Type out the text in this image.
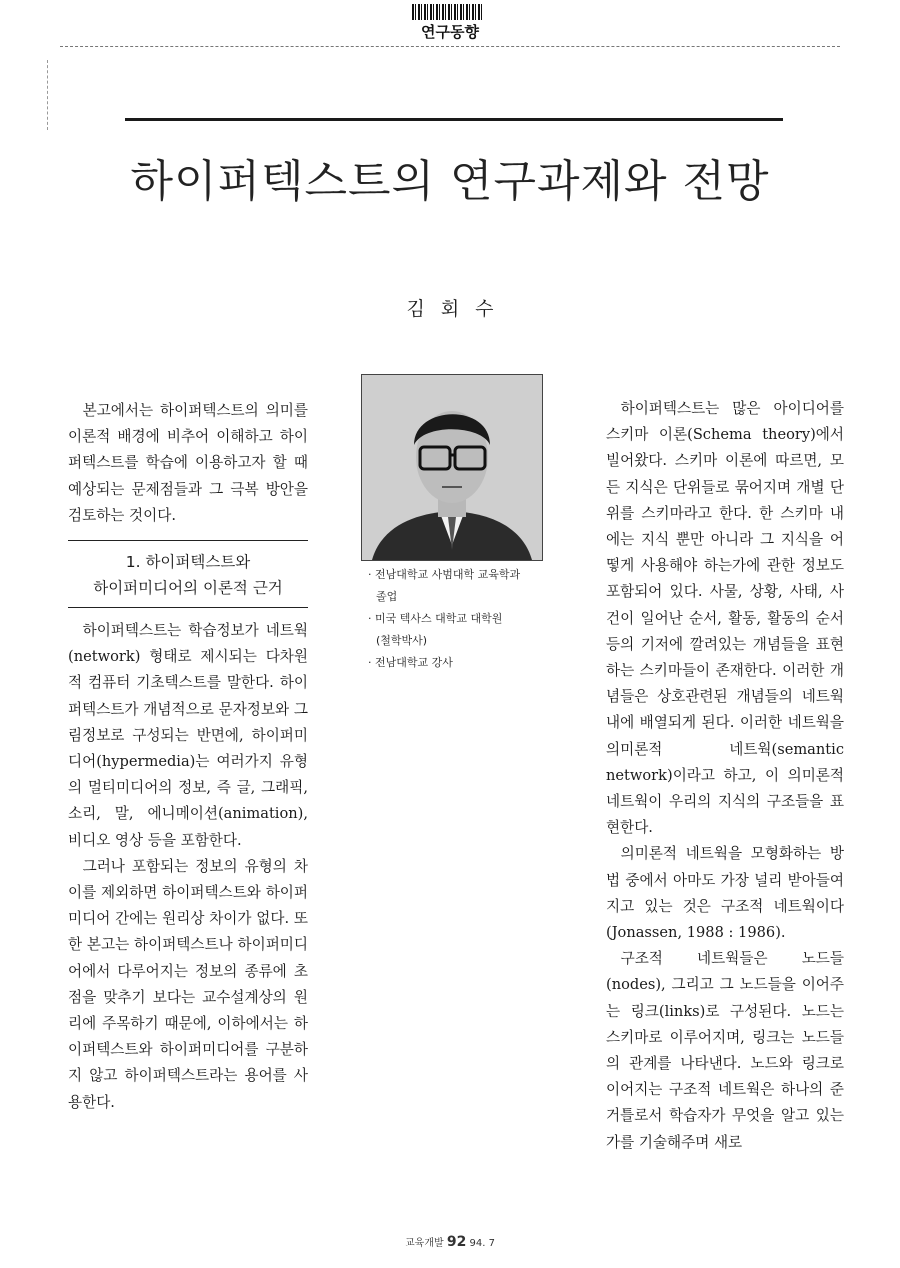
연구동향
하이퍼텍스트의 연구과제와 전망
김회수

본고에서는 하이퍼텍스트의 의미를 이론적 배경에 비추어 이해하고 하이퍼텍스트를 학습에 이용하고자 할 때 예상되는 문제점들과 그 극복 방안을 검토하는 것이다.

1. 하이퍼텍스트와
하이퍼미디어의 이론적 근거

하이퍼텍스트는 학습정보가 네트웍(network) 형태로 제시되는 다차원적 컴퓨터 기초텍스트를 말한다. 하이퍼텍스트가 개념적으로 문자정보와 그림정보로 구성되는 반면에, 하이퍼미디어(hypermedia)는 여러가지 유형의 멀티미디어의 정보, 즉 글, 그래픽, 소리, 말, 에니메이션(animation), 비디오 영상 등을 포함한다.

그러나 포함되는 정보의 유형의 차이를 제외하면 하이퍼텍스트와 하이퍼미디어 간에는 원리상 차이가 없다. 또한 본고는 하이퍼텍스트나 하이퍼미디어에서 다루어지는 정보의 종류에 초점을 맞추기 보다는 교수설계상의 원리에 주목하기 때문에, 이하에서는 하이퍼텍스트와 하이퍼미디어를 구분하지 않고 하이퍼텍스트라는 용어를 사용한다.

· 전남대학교 사범대학 교육학과
졸업
· 미국 텍사스 대학교 대학원
(철학박사)
· 전남대학교 강사

하이퍼텍스트는 많은 아이디어를 스키마 이론(Schema theory)에서 빌어왔다. 스키마 이론에 따르면, 모든 지식은 단위들로 묶어지며 개별 단위를 스키마라고 한다. 한 스키마 내에는 지식 뿐만 아니라 그 지식을 어떻게 사용해야 하는가에 관한 정보도 포함되어 있다. 사물, 상황, 사태, 사건이 일어난 순서, 활동, 활동의 순서 등의 기저에 깔려있는 개념들을 표현하는 스키마들이 존재한다. 이러한 개념들은 상호관련된 개념들의 네트웍 내에 배열되게 된다. 이러한 네트웍을 의미론적 네트웍(semantic network)이라고 하고, 이 의미론적 네트웍이 우리의 지식의 구조들을 표현한다.

의미론적 네트웍을 모형화하는 방법 중에서 아마도 가장 널리 받아들여지고 있는 것은 구조적 네트웍이다(Jonassen, 1988 : 1986).

구조적 네트웍들은 노드들(nodes), 그리고 그 노드들을 이어주는 링크(links)로 구성된다. 노드는 스키마로 이루어지며, 링크는 노드들의 관계를 나타낸다. 노드와 링크로 이어지는 구조적 네트웍은 하나의 준거틀로서 학습자가 무엇을 알고 있는가를 기술해주며 새로

교육개발 92 94. 7
